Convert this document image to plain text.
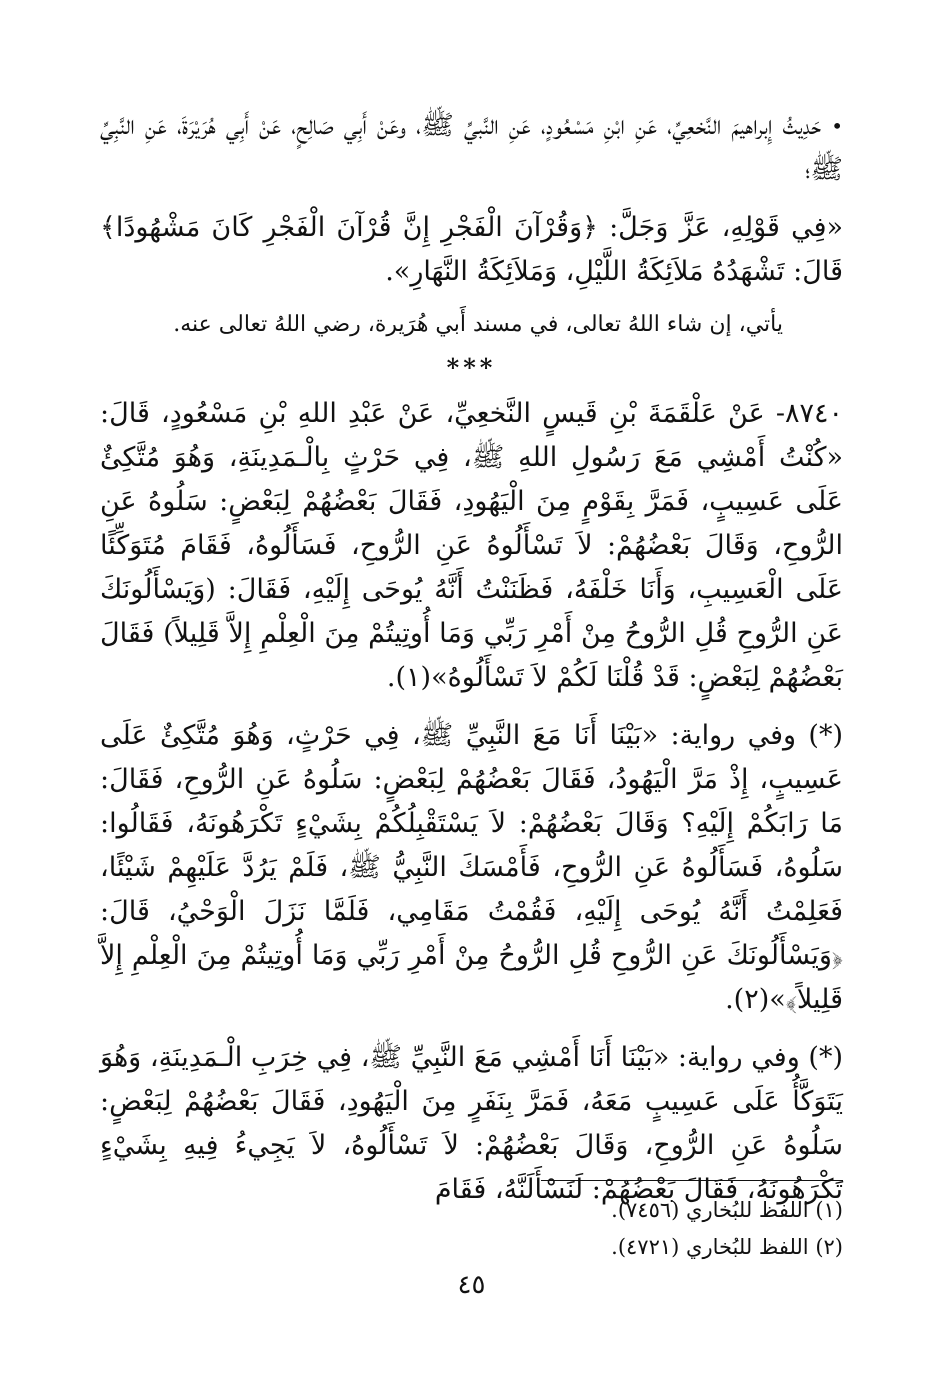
•حَدِيثُ إِبراهيمَ النَّخعِيِّ، عَنِ ابْنِ مَسْعُودٍ، عَنِ النَّبيِّ ﷺ، وعَنْ أَبِي صَالِحٍ، عَنْ أَبِي هُرَيْرَةَ، عَنِ النَّبِيِّ ﷺ؛

«فِي قَوْلِهِ، عَزَّ وَجَلَّ: ﴿وَقُرْآنَ الْفَجْرِ إِنَّ قُرْآنَ الْفَجْرِ كَانَ مَشْهُودًا﴾ قَالَ: تَشْهَدُهُ مَلاَئِكَةُ اللَّيْلِ، وَمَلاَئِكَةُ النَّهَارِ».

يأتي، إن شاء اللهُ تعالى، في مسند أَبي هُرَيرة، رضي اللهُ تعالى عنه.

***

٨٧٤٠- عَنْ عَلْقَمَةَ بْنِ قَيسٍ النَّخعِيِّ، عَنْ عَبْدِ اللهِ بْنِ مَسْعُودٍ، قَالَ: «كُنْتُ أَمْشِي مَعَ رَسُولِ اللهِ ﷺ، فِي حَرْثٍ بِالْـمَدِينَةِ، وَهُوَ مُتَّكِئٌ عَلَى عَسِيبٍ، فَمَرَّ بِقَوْمٍ مِنَ الْيَهُودِ، فَقَالَ بَعْضُهُمْ لِبَعْضٍ: سَلُوهُ عَنِ الرُّوحِ، وَقَالَ بَعْضُهُمْ: لاَ تَسْأَلُوهُ عَنِ الرُّوحِ، فَسَأَلُوهُ، فَقَامَ مُتَوَكِّئًا عَلَى الْعَسِيبِ، وَأَنَا خَلْفَهُ، فَظَنَنْتُ أَنَّهُ يُوحَى إِلَيْهِ، فَقَالَ: (وَيَسْأَلُونَكَ عَنِ الرُّوحِ قُلِ الرُّوحُ مِنْ أَمْرِ رَبِّي وَمَا أُوتِيتُمْ مِنَ الْعِلْمِ إِلاَّ قَلِيلاً) فَقَالَ بَعْضُهُمْ لِبَعْضٍ: قَدْ قُلْنَا لَكُمْ لاَ تَسْأَلُوهُ»(١).

(*) وفي رواية: «بَيْنَا أَنَا مَعَ النَّبِيِّ ﷺ، فِي حَرْثٍ، وَهُوَ مُتَّكِئٌ عَلَى عَسِيبٍ، إِذْ مَرَّ الْيَهُودُ، فَقَالَ بَعْضُهُمْ لِبَعْضٍ: سَلُوهُ عَنِ الرُّوحِ، فَقَالَ: مَا رَابَكُمْ إِلَيْهِ؟ وَقَالَ بَعْضُهُمْ: لاَ يَسْتَقْبِلُكُمْ بِشَيْءٍ تَكْرَهُونَهُ، فَقَالُوا: سَلُوهُ، فَسَأَلُوهُ عَنِ الرُّوحِ، فَأَمْسَكَ النَّبِيُّ ﷺ، فَلَمْ يَرُدَّ عَلَيْهِمْ شَيْئًا، فَعَلِمْتُ أَنَّهُ يُوحَى إِلَيْهِ، فَقُمْتُ مَقَامِي، فَلَمَّا نَزَلَ الْوَحْيُ، قَالَ: ﴿وَيَسْأَلُونَكَ عَنِ الرُّوحِ قُلِ الرُّوحُ مِنْ أَمْرِ رَبِّي وَمَا أُوتِيتُمْ مِنَ الْعِلْمِ إِلاَّ قَلِيلاً﴾»(٢).

(*) وفي رواية: «بَيْنَا أَنَا أَمْشِي مَعَ النَّبِيِّ ﷺ، فِي خِرَبِ الْـمَدِينَةِ، وَهُوَ يَتَوَكَّأُ عَلَى عَسِيبٍ مَعَهُ، فَمَرَّ بِنَفَرٍ مِنَ الْيَهُودِ، فَقَالَ بَعْضُهُمْ لِبَعْضٍ: سَلُوهُ عَنِ الرُّوحِ، وَقَالَ بَعْضُهُمْ: لاَ تَسْأَلُوهُ، لاَ يَجِيءُ فِيهِ بِشَيْءٍ تَكْرَهُونَهُ، فَقَالَ بَعْضُهُمْ: لَنَسْأَلَنَّهُ، فَقَامَ

(١) اللفظ للبُخاري (٧٤٥٦).
(٢) اللفظ للبُخاري (٤٧٢١).
٤٥
